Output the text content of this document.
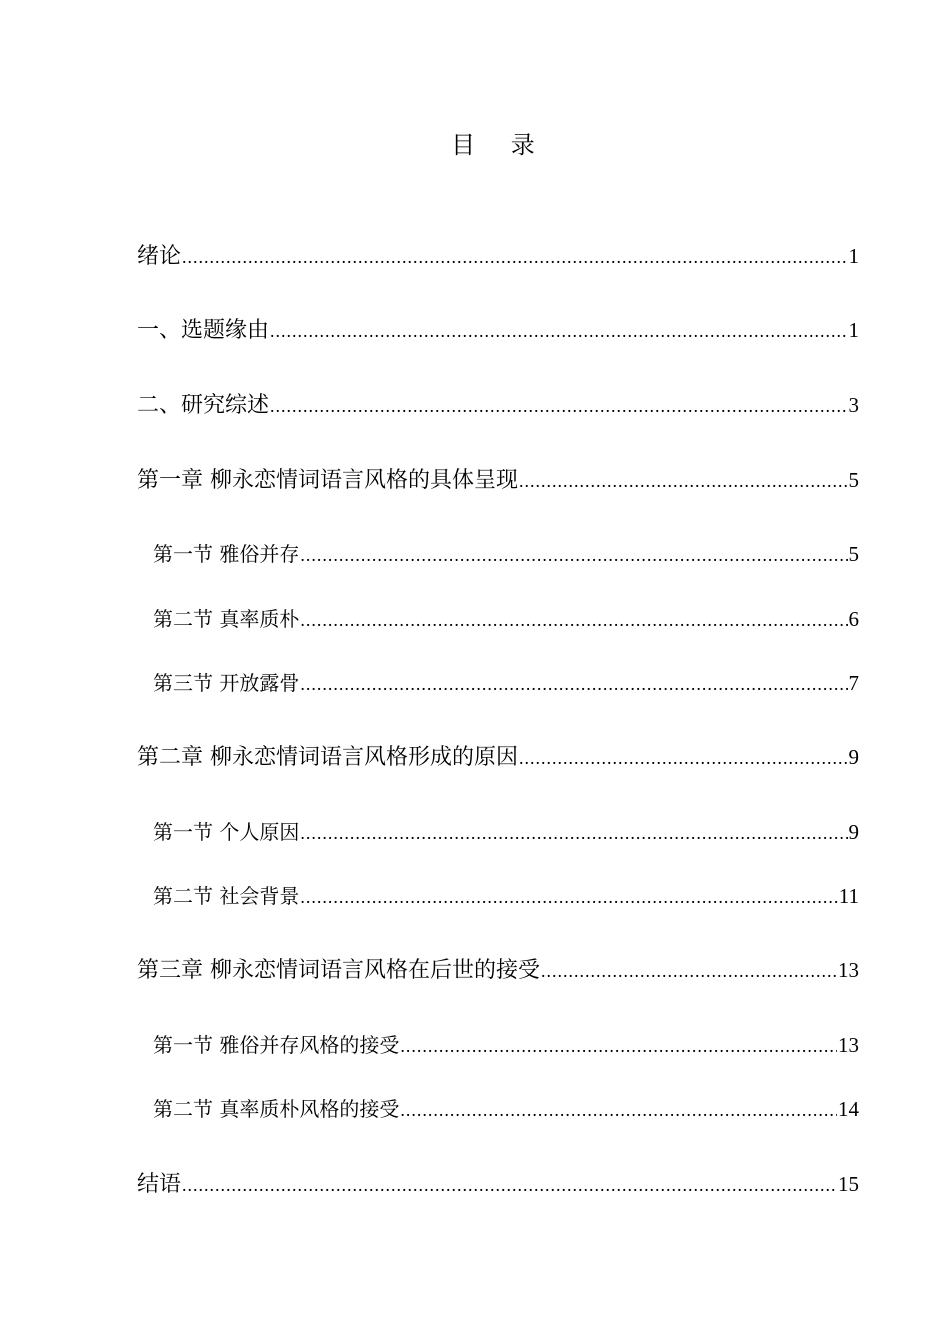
目 录
绪论 .....	1
一、选题缘由 .....	1
二、研究综述 .....	3
第一章 柳永恋情词语言风格的具体呈现 .....	5
第一节 雅俗并存 .....	5
第二节 真率质朴 .....	6
第三节 开放露骨 .....	7
第二章 柳永恋情词语言风格形成的原因 .....	9
第一节 个人原因 .....	9
第二节 社会背景 .....	11
第三章 柳永恋情词语言风格在后世的接受 .....	13
第一节 雅俗并存风格的接受 .....	13
第二节 真率质朴风格的接受 .....	14
结语 .....	15
